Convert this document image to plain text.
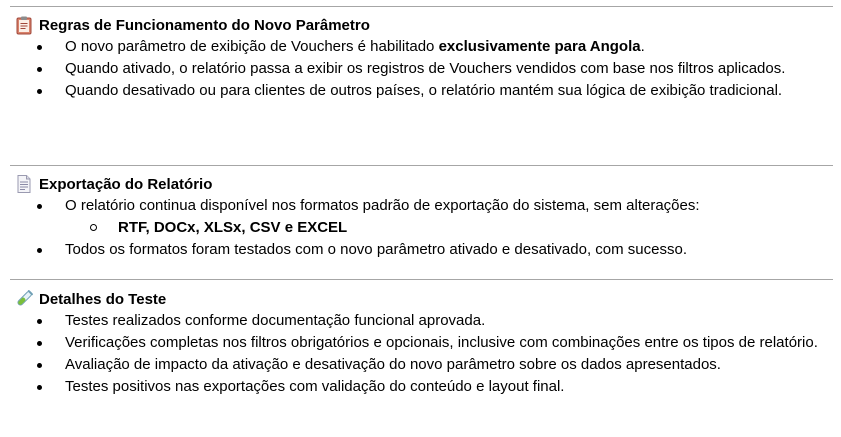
Regras de Funcionamento do Novo Parâmetro
O novo parâmetro de exibição de Vouchers é habilitado exclusivamente para Angola.
Quando ativado, o relatório passa a exibir os registros de Vouchers vendidos com base nos filtros aplicados.
Quando desativado ou para clientes de outros países, o relatório mantém sua lógica de exibição tradicional.
Exportação do Relatório
O relatório continua disponível nos formatos padrão de exportação do sistema, sem alterações:
RTF, DOCx, XLSx, CSV e EXCEL
Todos os formatos foram testados com o novo parâmetro ativado e desativado, com sucesso.
Detalhes do Teste
Testes realizados conforme documentação funcional aprovada.
Verificações completas nos filtros obrigatórios e opcionais, inclusive com combinações entre os tipos de relatório.
Avaliação de impacto da ativação e desativação do novo parâmetro sobre os dados apresentados.
Testes positivos nas exportações com validação do conteúdo e layout final.
